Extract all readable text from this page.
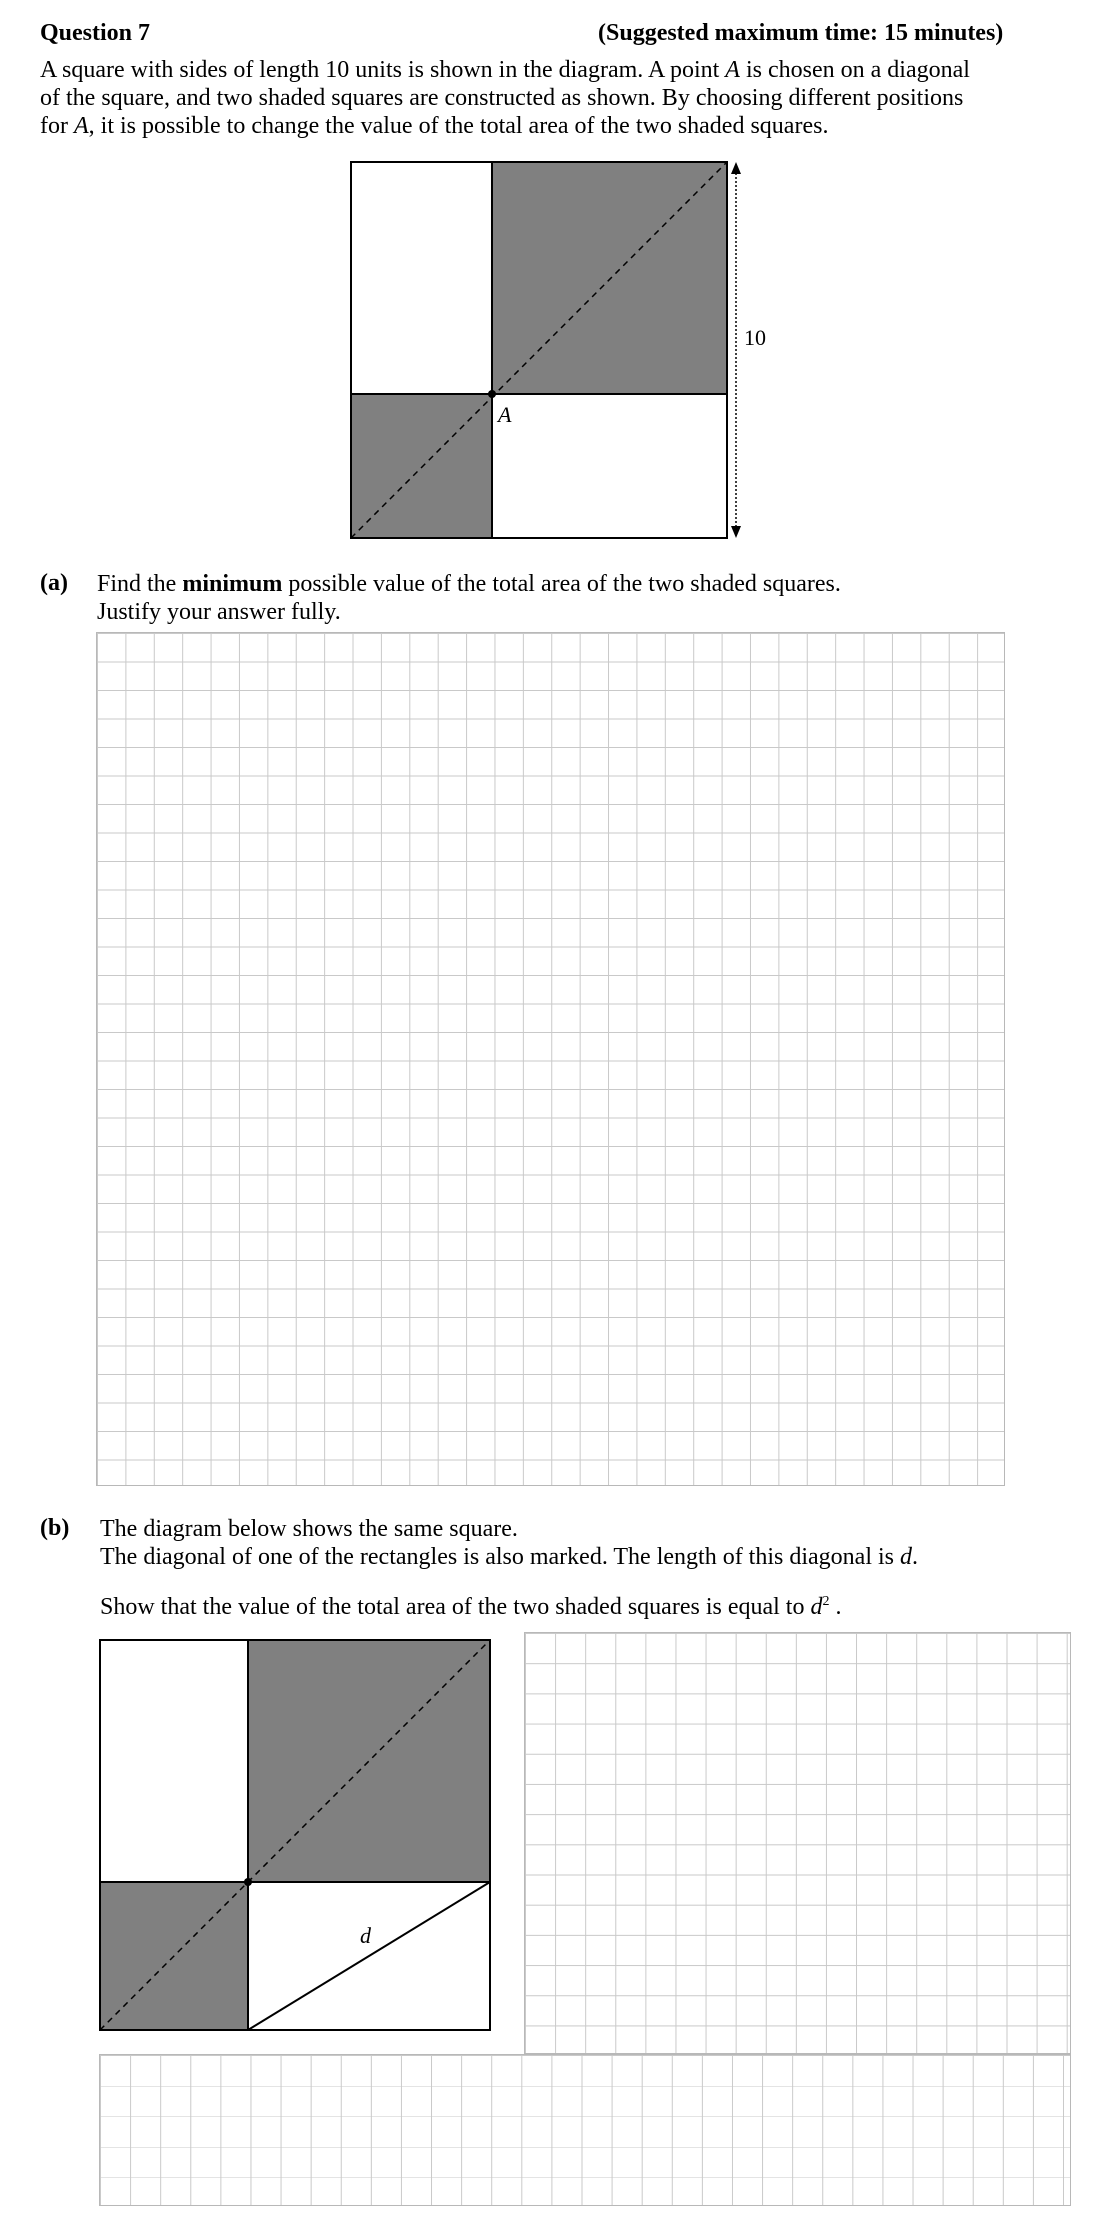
Question 7	(Suggested maximum time: 15 minutes)
A square with sides of length 10 units is shown in the diagram. A point A is chosen on a diagonal
of the square, and two shaded squares are constructed as shown. By choosing different positions
for A, it is possible to change the value of the total area of the two shaded squares.
A
10
(a) Find the minimum possible value of the total area of the two shaded squares.
Justify your answer fully.
(b) The diagram below shows the same square.
The diagonal of one of the rectangles is also marked. The length of this diagonal is d.
Show that the value of the total area of the two shaded squares is equal to $d^2$ .
d
